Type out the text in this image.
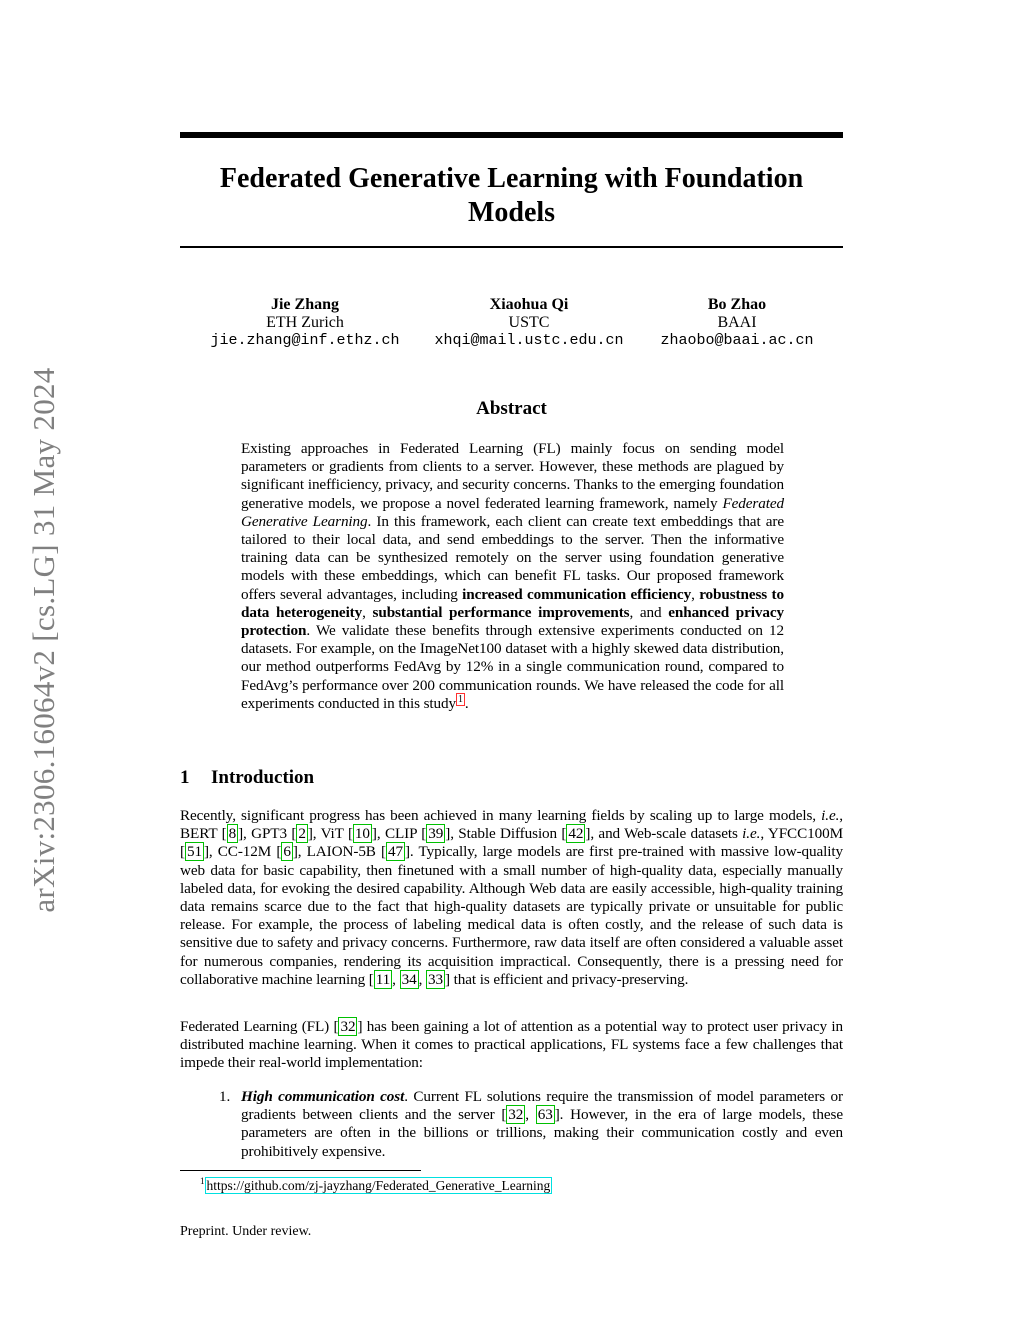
arXiv:2306.16064v2 [cs.LG] 31 May 2024
Federated Generative Learning with Foundation
Models
Jie Zhang
ETH Zurich
jie.zhang@inf.ethz.ch
Xiaohua Qi
USTC
xhqi@mail.ustc.edu.cn
Bo Zhao
BAAI
zhaobo@baai.ac.cn
Abstract
Existing approaches in Federated Learning (FL) mainly focus on sending model parameters or gradients from clients to a server. However, these methods are plagued by significant inefficiency, privacy, and security concerns. Thanks to the emerging foundation generative models, we propose a novel federated learning framework, namely Federated Generative Learning. In this framework, each client can create text embeddings that are tailored to their local data, and send embeddings to the server. Then the informative training data can be synthesized remotely on the server using foundation generative models with these embeddings, which can benefit FL tasks. Our proposed framework offers several advantages, including increased communication efficiency, robustness to data heterogeneity, substantial performance improvements, and enhanced privacy protection. We validate these benefits through extensive experiments conducted on 12 datasets. For example, on the ImageNet100 dataset with a highly skewed data distribution, our method outperforms FedAvg by 12% in a single communication round, compared to FedAvg’s performance over 200 communication rounds. We have released the code for all experiments conducted in this study $^1$ .
1 Introduction
Recently, significant progress has been achieved in many learning fields by scaling up to large models, i.e., BERT [ 8 ], GPT3 [ 2 ], ViT [ 10 ], CLIP [ 39 ], Stable Diffusion [ 42 ], and Web-scale datasets i.e., YFCC100M [ 51 ], CC-12M [ 6 ], LAION-5B [ 47 ]. Typically, large models are first pre-trained with massive low-quality web data for basic capability, then finetuned with a small number of high-quality data, especially manually labeled data, for evoking the desired capability. Although Web data are easily accessible, high-quality training data remains scarce due to the fact that high-quality datasets are typically private or unsuitable for public release. For example, the process of labeling medical data is often costly, and the release of such data is sensitive due to safety and privacy concerns. Furthermore, raw data itself are often considered a valuable asset for numerous companies, rendering its acquisition impractical. Consequently, there is a pressing need for collaborative machine learning [ 11 , 34 , 33 ] that is efficient and privacy-preserving.
Federated Learning (FL) [ 32 ] has been gaining a lot of attention as a potential way to protect user privacy in distributed machine learning. When it comes to practical applications, FL systems face a few challenges that impede their real-world implementation:
1. High communication cost. Current FL solutions require the transmission of model parameters or gradients between clients and the server [ 32 , 63 ]. However, in the era of large models, these parameters are often in the billions or trillions, making their communication costly and even prohibitively expensive.
$^1$ https://github.com/zj-jayzhang/Federated_Generative_Learning
Preprint. Under review.
